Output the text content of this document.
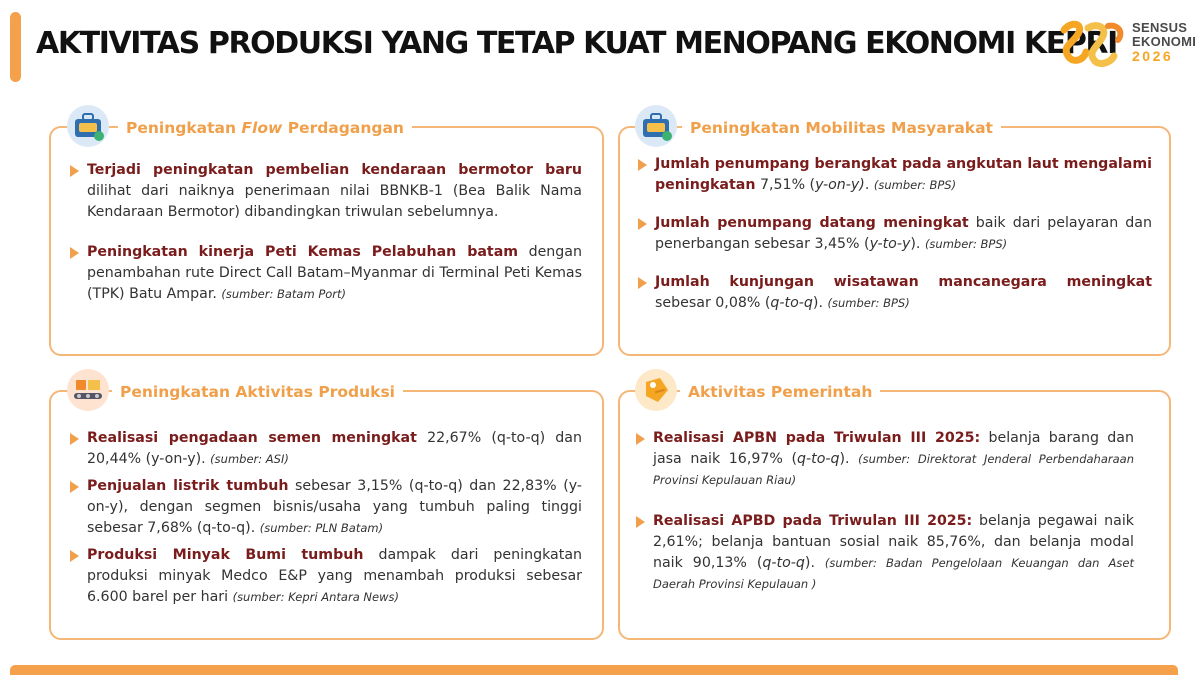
AKTIVITAS PRODUKSI YANG TETAP KUAT MENOPANG EKONOMI KEPRI SENSUS
EKONOMI
2026
Peningkatan Flow Perdagangan
Terjadi peningkatan pembelian kendaraan bermotor baru dilihat dari naiknya penerimaan nilai BBNKB-1 (Bea Balik Nama Kendaraan Bermotor) dibandingkan triwulan sebelumnya.
Peningkatan kinerja Peti Kemas Pelabuhan batam dengan penambahan rute Direct Call Batam–Myanmar di Terminal Peti Kemas (TPK) Batu Ampar. (sumber: Batam Port)
Peningkatan Mobilitas Masyarakat
Jumlah penumpang berangkat pada angkutan laut mengalami peningkatan 7,51% (y-on-y). (sumber: BPS)
Jumlah penumpang datang meningkat baik dari pelayaran dan penerbangan sebesar 3,45% (y-to-y). (sumber: BPS)
Jumlah kunjungan wisatawan mancanegara meningkat sebesar 0,08% (q-to-q). (sumber: BPS)
Peningkatan Aktivitas Produksi
Realisasi pengadaan semen meningkat 22,67% (q-to-q) dan 20,44% (y-on-y). (sumber: ASI)
Penjualan listrik tumbuh sebesar 3,15% (q-to-q) dan 22,83% (y-on-y), dengan segmen bisnis/usaha yang tumbuh paling tinggi sebesar 7,68% (q-to-q). (sumber: PLN Batam)
Produksi Minyak Bumi tumbuh dampak dari peningkatan produksi minyak Medco E&P yang menambah produksi sebesar 6.600 barel per hari (sumber: Kepri Antara News)
Aktivitas Pemerintah
Realisasi APBN pada Triwulan III 2025: belanja barang dan jasa naik 16,97% (q-to-q). (sumber: Direktorat Jenderal Perbendaharaan Provinsi Kepulauan Riau)
Realisasi APBD pada Triwulan III 2025: belanja pegawai naik 2,61%; belanja bantuan sosial naik 85,76%, dan belanja modal naik 90,13% (q-to-q). (sumber: Badan Pengelolaan Keuangan dan Aset Daerah Provinsi Kepulauan )
